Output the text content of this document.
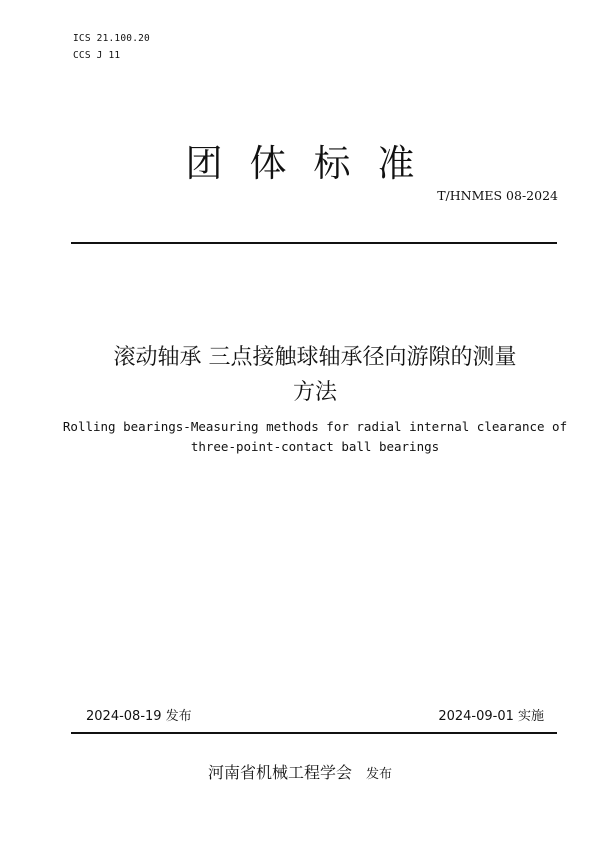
ICS 21.100.20
CCS J 11
团体标准
T/HNMES 08-2024
滚动轴承 三点接触球轴承径向游隙的测量
方法
Rolling bearings-Measuring methods for radial internal clearance of
three-point-contact ball bearings
2024-08-19 发布	2024-09-01 实施
河南省机械工程学会 发布
